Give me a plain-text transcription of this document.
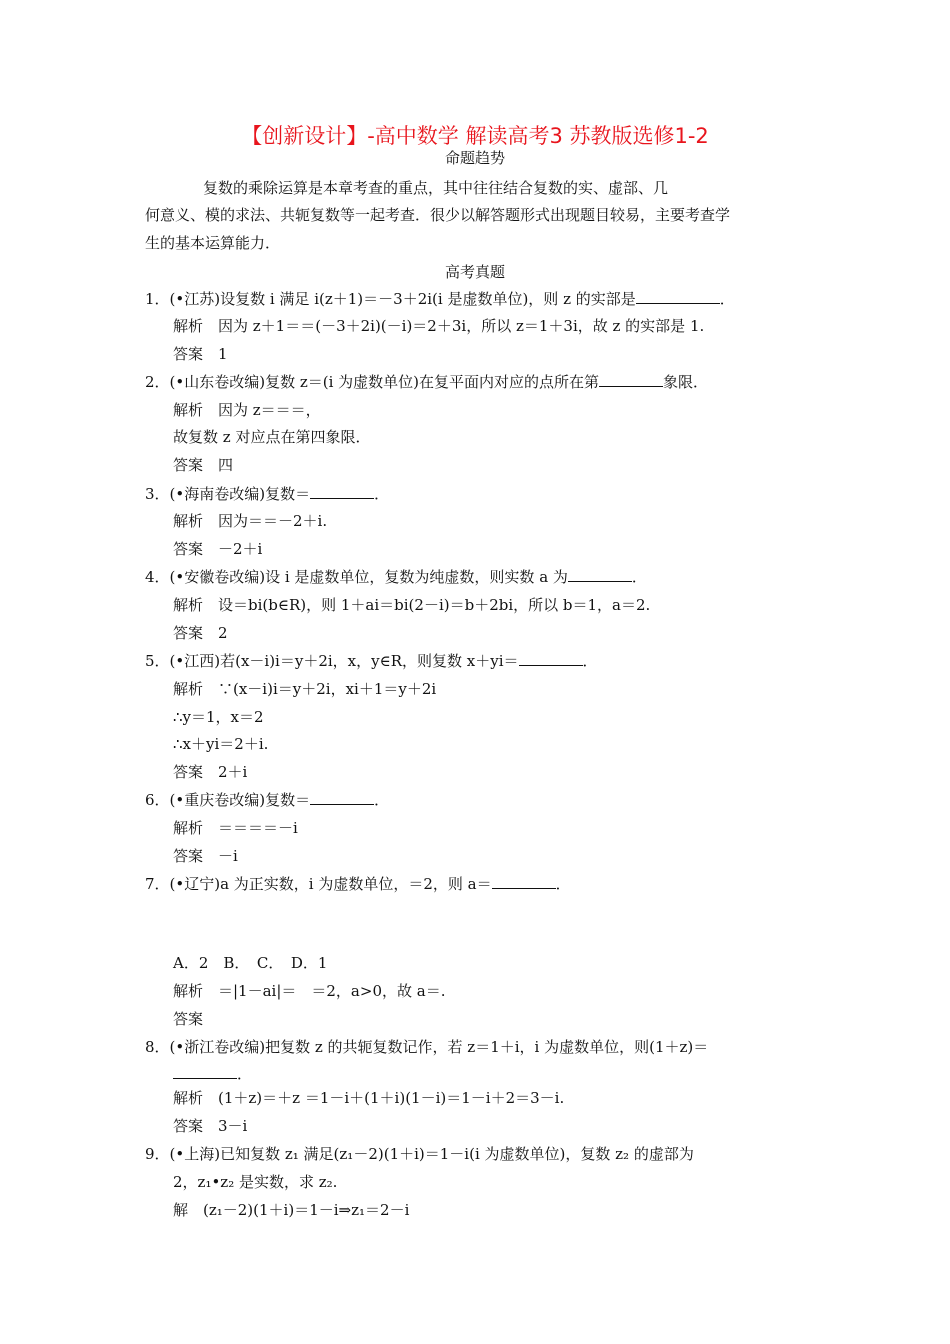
【创新设计】-高中数学 解读高考3 苏教版选修1-2
命题趋势
复数的乘除运算是本章考查的重点，其中往往结合复数的实、虚部、几
何意义、模的求法、共轭复数等一起考查．很少以解答题形式出现题目较易，主要考查学
生的基本运算能力．
高考真题
1．(•江苏)设复数 i 满足 i(z＋1)＝－3＋2i(i 是虚数单位)，则 z 的实部是	．
解析　因为 z＋1＝＝(－3＋2i)(－i)＝2＋3i，所以 z＝1＋3i，故 z 的实部是 1.
答案　1
2．(•山东卷改编)复数 z＝(i 为虚数单位)在复平面内对应的点所在第	象限．
解析　因为 z＝＝＝，
故复数 z 对应点在第四象限．
答案　四
3．(•海南卷改编)复数＝	．
解析　因为＝＝－2＋i.
答案　－2＋i
4．(•安徽卷改编)设 i 是虚数单位，复数为纯虚数，则实数 a 为	．
解析　设＝bi(b∈R)，则 1＋ai＝bi(2－i)＝b＋2bi，所以 b＝1，a＝2.
答案　2
5．(•江西)若(x－i)i＝y＋2i，x，y∈R，则复数 x＋yi＝	．
解析　∵(x－i)i＝y＋2i，xi＋1＝y＋2i
∴y＝1，x＝2
∴x＋yi＝2＋i.
答案　2＋i
6．(•重庆卷改编)复数＝	．
解析　＝＝＝＝－i
答案　－i
7．(•辽宁)a 为正实数，i 为虚数单位，＝2，则 a＝	．
A．2　B．　C．　D．1
解析　＝|1－ai|＝　＝2，a>0，故 a＝.
答案
8．(•浙江卷改编)把复数 z 的共轭复数记作，若 z＝1＋i，i 为虚数单位，则(1＋z)＝
．
解析　(1＋z)＝＋z ＝1－i＋(1＋i)(1－i)＝1－i＋2＝3－i.
答案　3－i
9．(•上海)已知复数 z₁ 满足(z₁－2)(1＋i)＝1－i(i 为虚数单位)，复数 z₂ 的虚部为
2，z₁•z₂ 是实数，求 z₂.
解　(z₁－2)(1＋i)＝1－i⇒z₁＝2－i
